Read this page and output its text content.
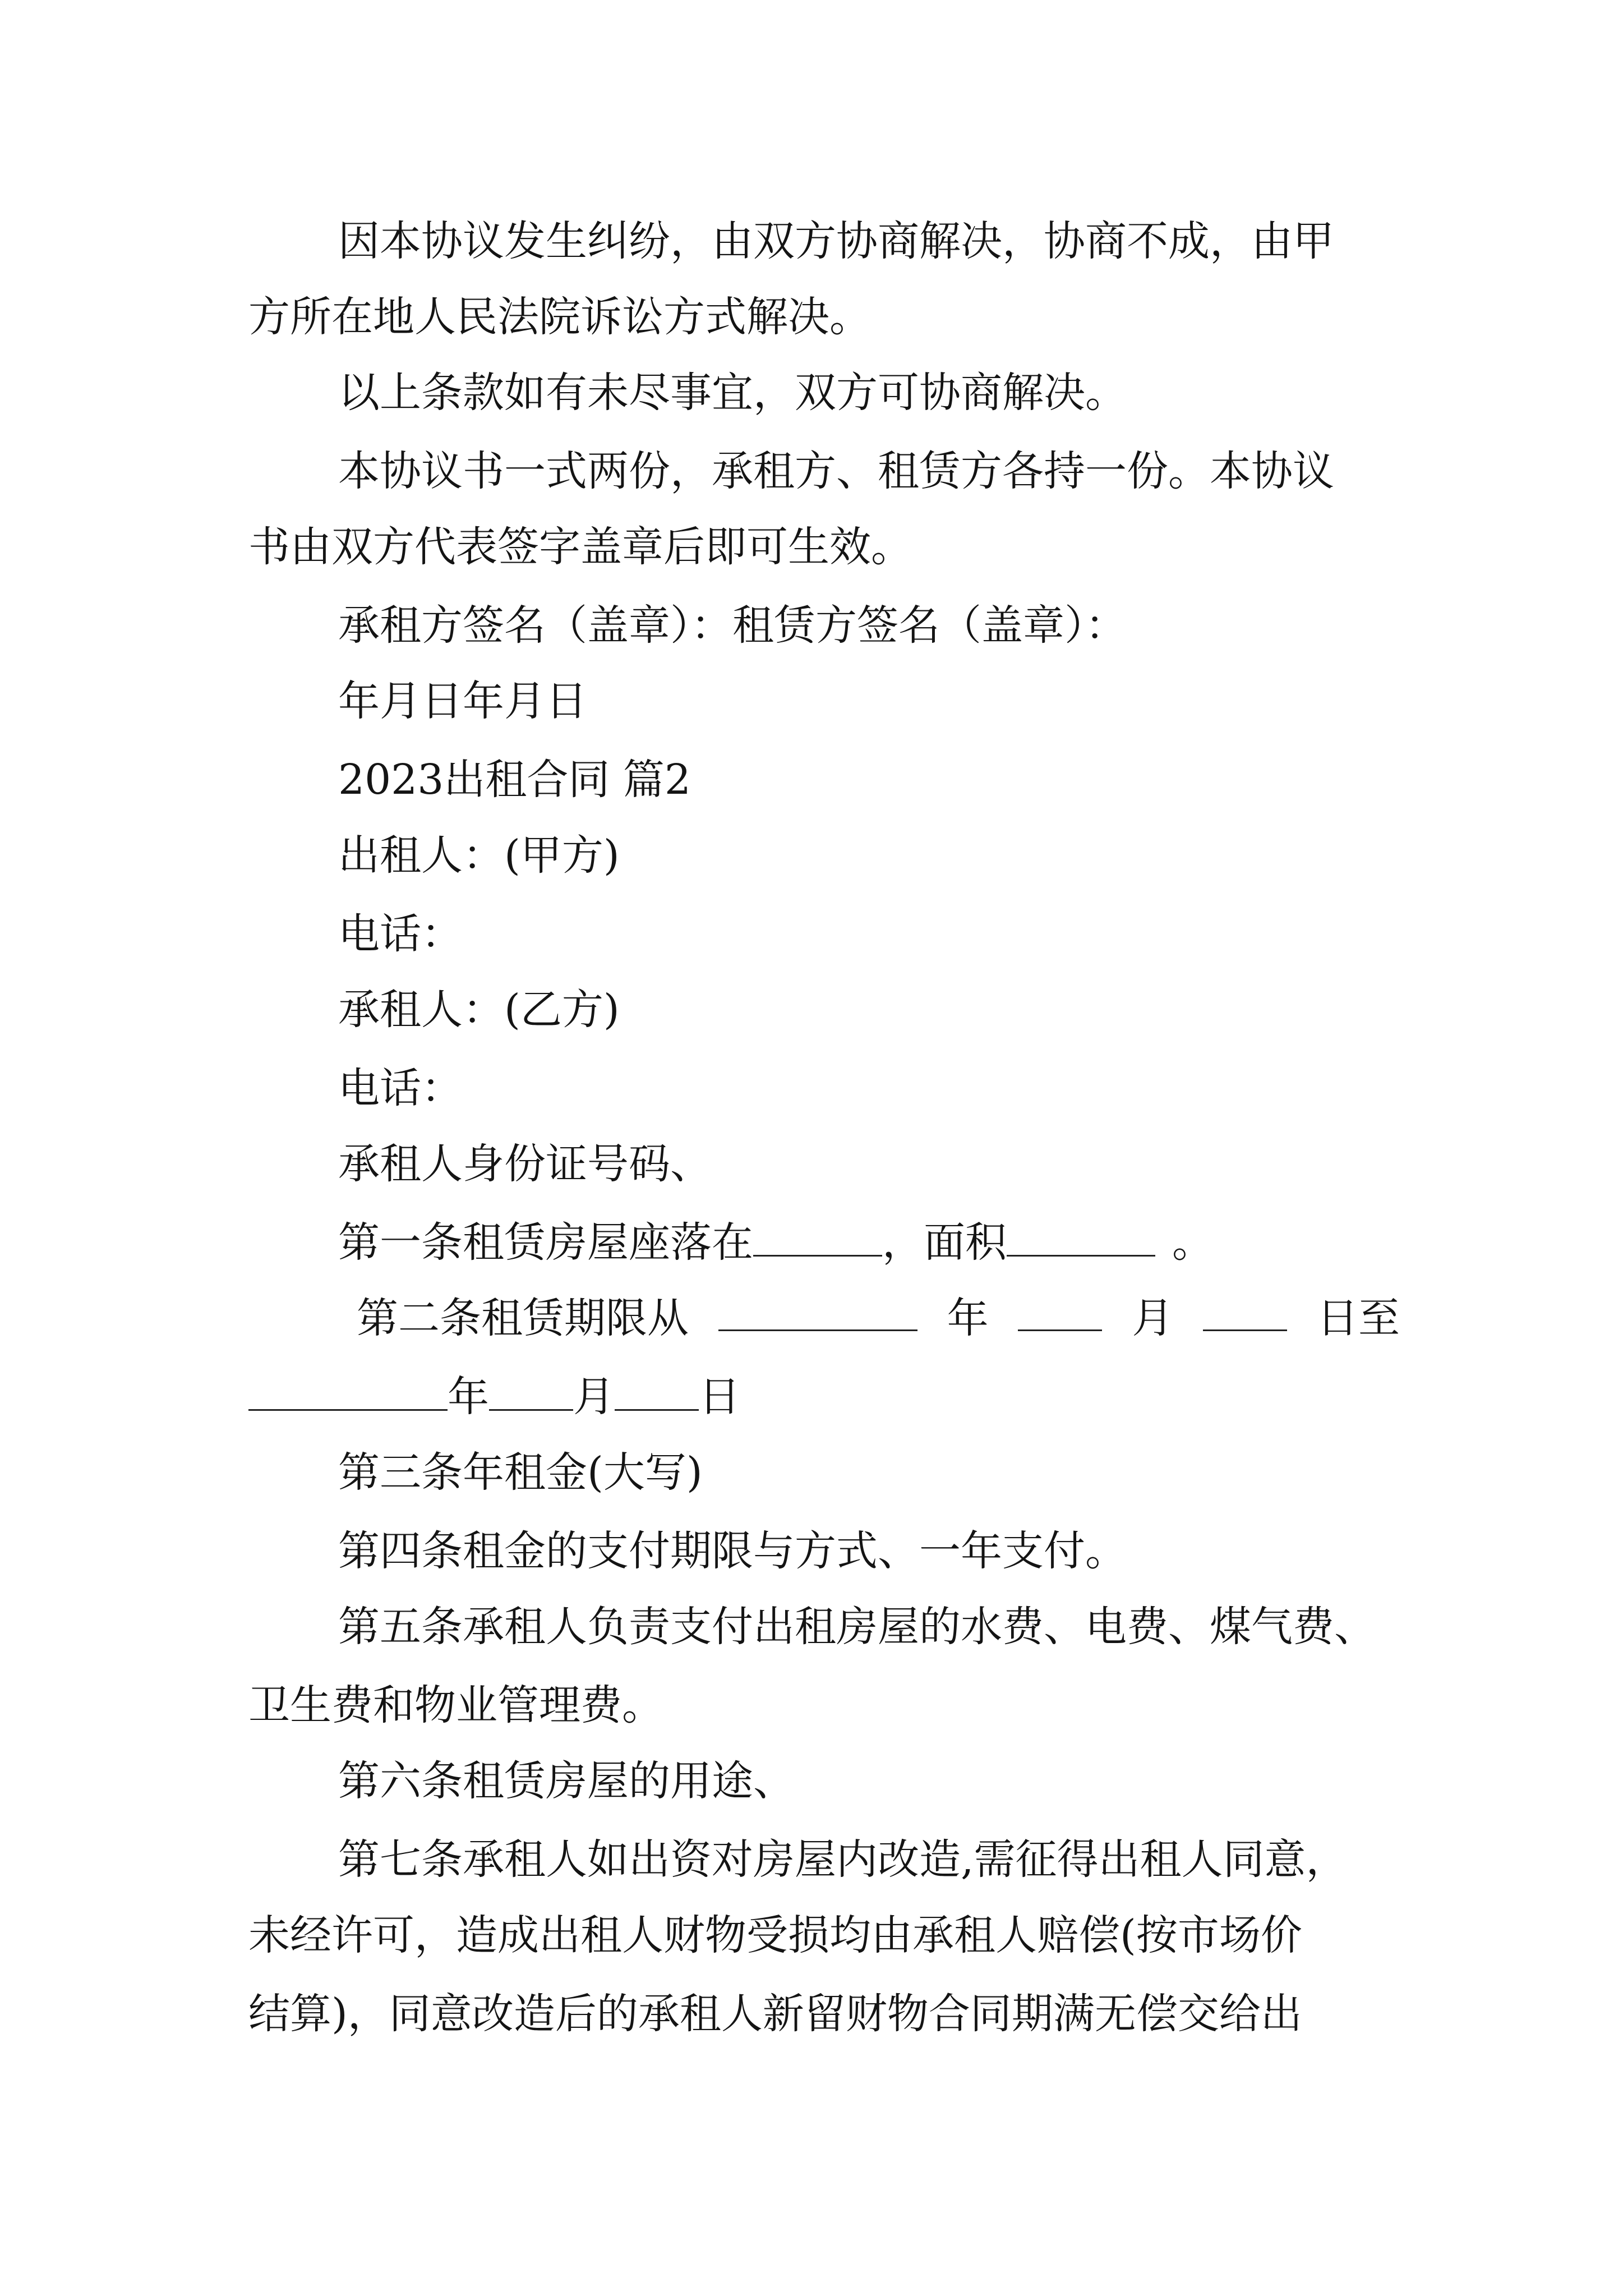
因本协议发生纠纷，由双方协商解决，协商不成，由甲

方所在地人民法院诉讼方式解决。

以上条款如有未尽事宜，双方可协商解决。

本协议书一式两份，承租方、租赁方各持一份。本协议

书由双方代表签字盖章后即可生效。

承租方签名（盖章）：租赁方签名（盖章）：

年月日年月日

2023出租合同 篇2

出租人：(甲方)

电话：

承租人：(乙方)

电话：

承租人身份证号码、

第一条租赁房屋座落在	，面积	。

第二条租赁期限从	年	月	日至

年 月 日

第三条年租金(大写)

第四条租金的支付期限与方式、一年支付。

第五条承租人负责支付出租房屋的水费、电费、煤气费、

卫生费和物业管理费。

第六条租赁房屋的用途、

第七条承租人如出资对房屋内改造,需征得出租人同意，

未经许可，造成出租人财物受损均由承租人赔偿(按市场价

结算)，同意改造后的承租人新留财物合同期满无偿交给出
